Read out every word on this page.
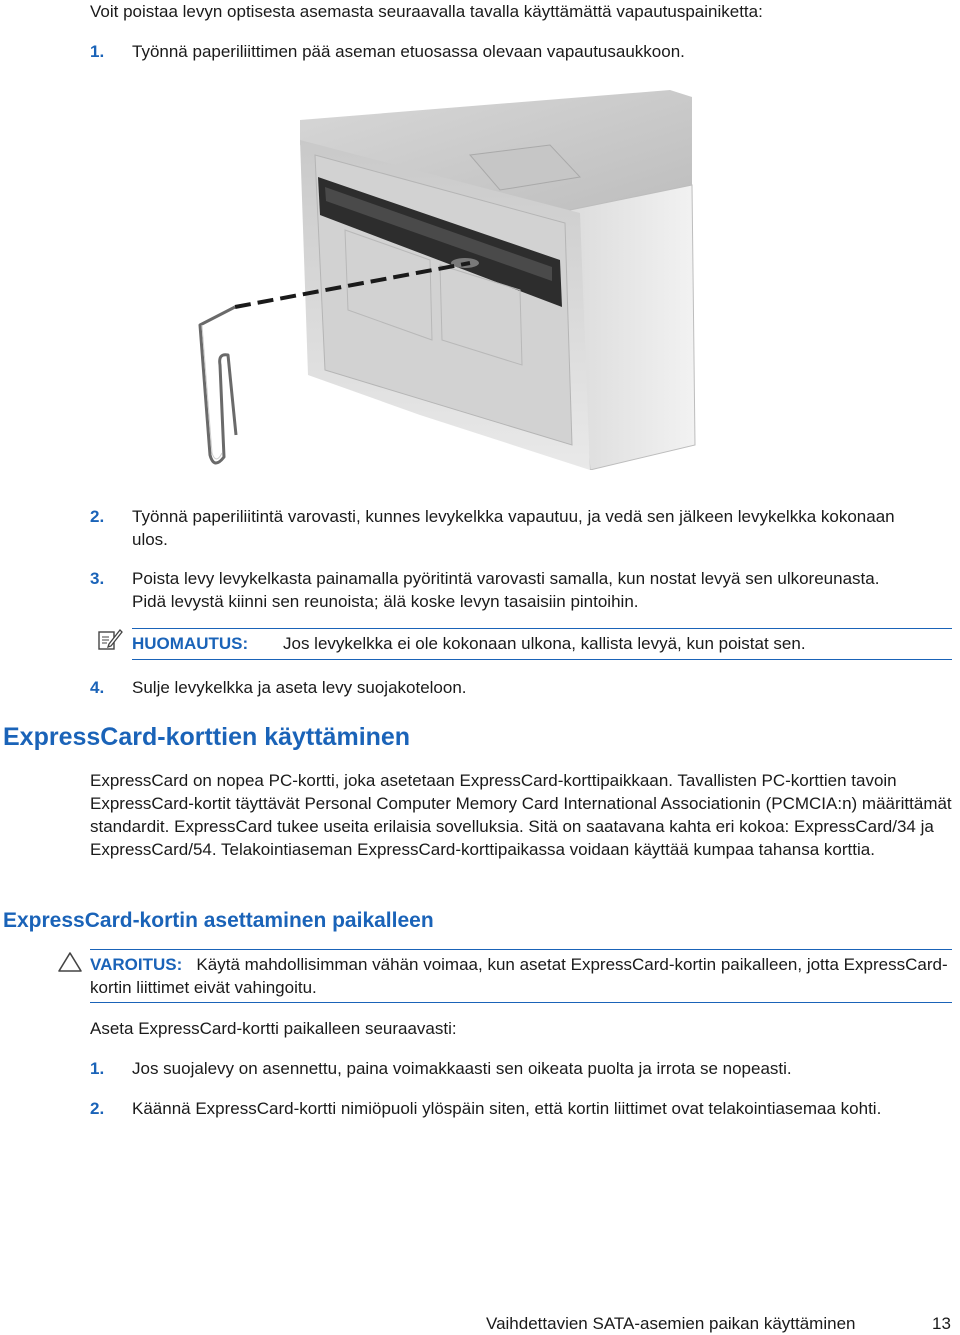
Voit poistaa levyn optisesta asemasta seuraavalla tavalla käyttämättä vapautuspainiketta:
1. Työnnä paperiliittimen pää aseman etuosassa olevaan vapautusaukkoon.
2. Työnnä paperiliitintä varovasti, kunnes levykelkka vapautuu, ja vedä sen jälkeen levykelkka kokonaan ulos.
3. Poista levy levykelkasta painamalla pyöritintä varovasti samalla, kun nostat levyä sen ulkoreunasta. Pidä levystä kiinni sen reunoista; älä koske levyn tasaisiin pintoihin.
HUOMAUTUS: Jos levykelkka ei ole kokonaan ulkona, kallista levyä, kun poistat sen.
4. Sulje levykelkka ja aseta levy suojakoteloon.
ExpressCard-korttien käyttäminen
ExpressCard on nopea PC-kortti, joka asetetaan ExpressCard-korttipaikkaan. Tavallisten PC-korttien tavoin ExpressCard-kortit täyttävät Personal Computer Memory Card International Associationin (PCMCIA:n) määrittämät standardit. ExpressCard tukee useita erilaisia sovelluksia. Sitä on saatavana kahta eri kokoa: ExpressCard/34 ja ExpressCard/54. Telakointiaseman ExpressCard-korttipaikassa voidaan käyttää kumpaa tahansa korttia.
ExpressCard-kortin asettaminen paikalleen
VAROITUS: Käytä mahdollisimman vähän voimaa, kun asetat ExpressCard-kortin paikalleen, jotta ExpressCard-kortin liittimet eivät vahingoitu.
Aseta ExpressCard-kortti paikalleen seuraavasti:
1. Jos suojalevy on asennettu, paina voimakkaasti sen oikeata puolta ja irrota se nopeasti.
2. Käännä ExpressCard-kortti nimiöpuoli ylöspäin siten, että kortin liittimet ovat telakointiasemaa kohti.
Vaihdettavien SATA-asemien paikan käyttäminen	13
